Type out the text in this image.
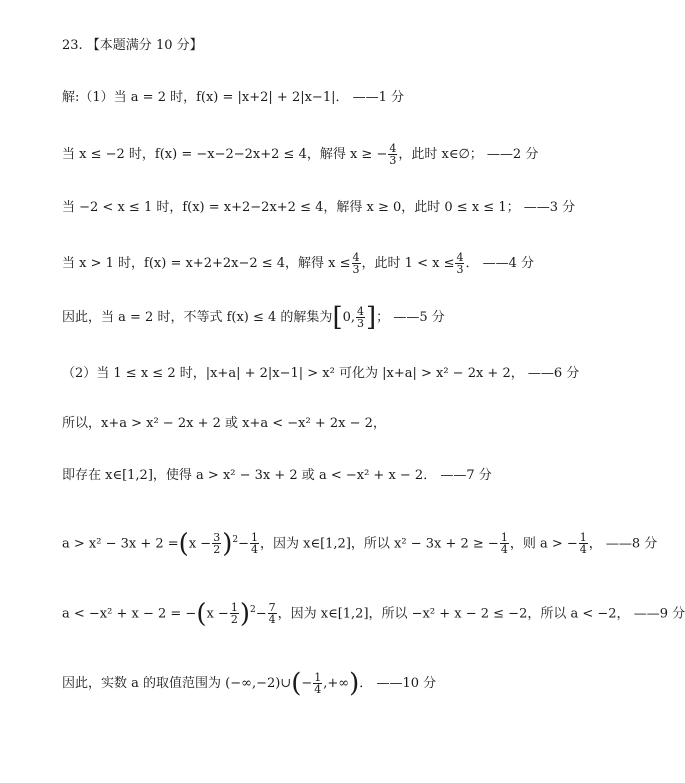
23. 【本题满分 10 分】
解:（1）当 a = 2 时，f(x) = |x+2| + 2|x−1|． ——1 分
当 x ≤ −2 时，f(x) = −x−2−2x+2 ≤ 4，解得 x ≥ − $\frac{4}{3}$ ，此时 x∈∅； ——2 分
当 −2 < x ≤ 1 时，f(x) = x+2−2x+2 ≤ 4，解得 x ≥ 0，此时 0 ≤ x ≤ 1； ——3 分
当 x > 1 时，f(x) = x+2+2x−2 ≤ 4，解得 $x \le \frac{4}{3}$ ，此时 $1 < x \le \frac{4}{3}$ ． ——4 分
因此，当 a = 2 时，不等式 f(x) ≤ 4 的解集为[0, $\frac{4}{3}$ ]； ——5 分
（2）当 1 ≤ x ≤ 2 时，|x+a| + 2|x−1| > x² 可化为 |x+a| > x² − 2x + 2， ——6 分
所以，x+a > x² − 2x + 2 或 x+a < −x² + 2x − 2，
即存在 x∈[1,2]，使得 a > x² − 3x + 2 或 a < −x² + x − 2． ——7 分
$a > x^2 - 3x + 2 =(x - \frac{3}{2} )^2- \frac{1}{4}$ ，因为 x∈[1,2]，所以 x² − 3x + 2 ≥ − $\frac{1}{4}$ ，则 a > − $\frac{1}{4}$ ， ——8 分
$a < -x^2 + x - 2 = -(x - \frac{1}{2} )^2- \frac{7}{4}$ ，因为 x∈[1,2]，所以 −x² + x − 2 ≤ −2，所以 a < −2， ——9 分
因此，实数 a 的取值范围为 (−∞,−2)∪(− $\frac{1}{4}$ ,+∞)． ——10 分
